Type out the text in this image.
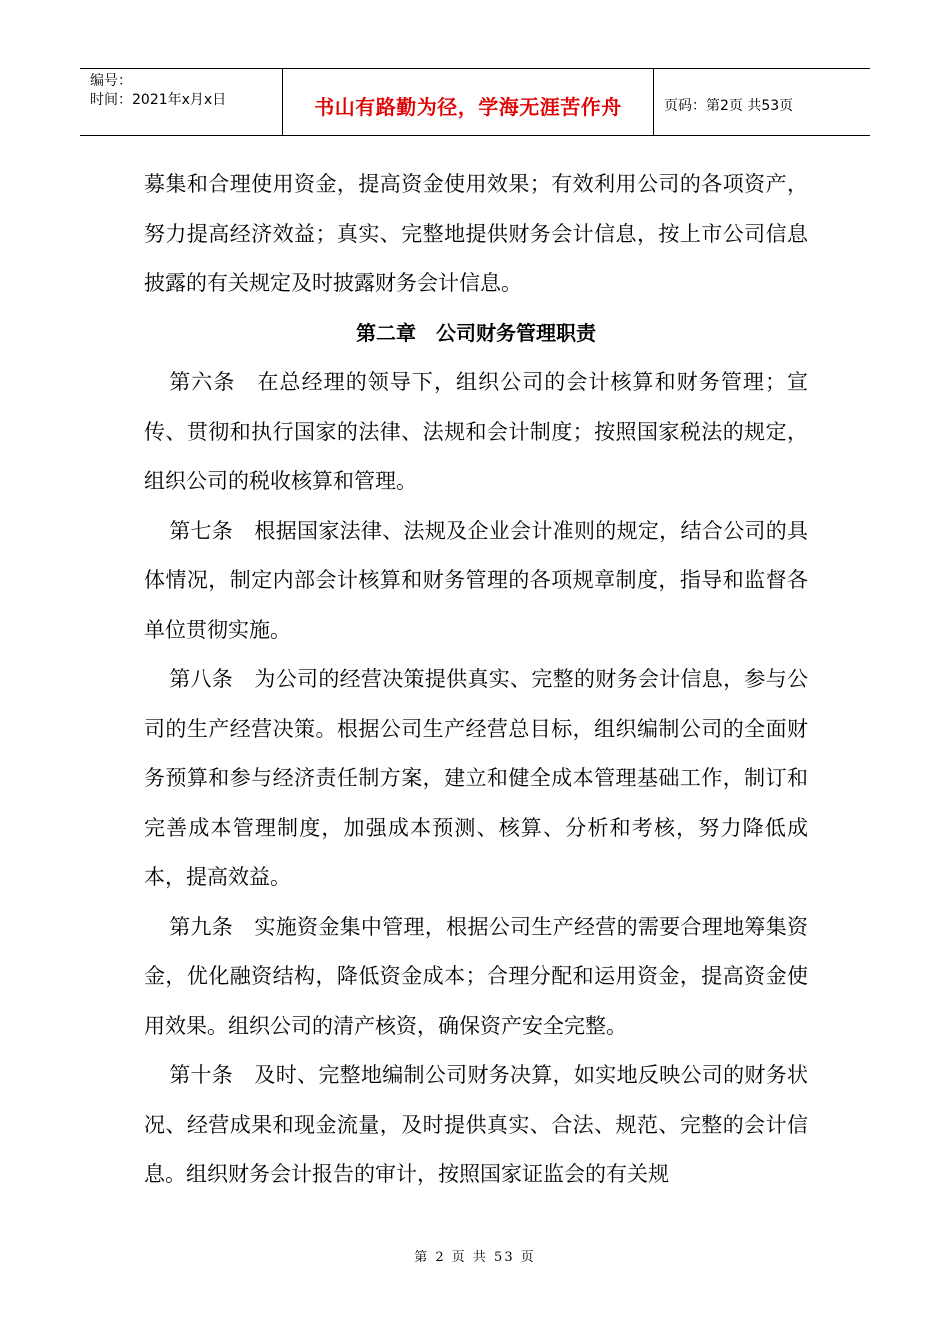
编号：
时间：2021年x月x日	书山有路勤为径，学海无涯苦作舟	页码：第2页 共53页

募集和合理使用资金，提高资金使用效果；有效利用公司的各项资产，努力提高经济效益；真实、完整地提供财务会计信息，按上市公司信息披露的有关规定及时披露财务会计信息。

第二章　公司财务管理职责

第六条 在总经理的领导下，组织公司的会计核算和财务管理；宣传、贯彻和执行国家的法律、法规和会计制度；按照国家税法的规定，组织公司的税收核算和管理。

第七条 根据国家法律、法规及企业会计准则的规定，结合公司的具体情况，制定内部会计核算和财务管理的各项规章制度，指导和监督各单位贯彻实施。

第八条 为公司的经营决策提供真实、完整的财务会计信息，参与公司的生产经营决策。根据公司生产经营总目标，组织编制公司的全面财务预算和参与经济责任制方案，建立和健全成本管理基础工作，制订和完善成本管理制度，加强成本预测、核算、分析和考核，努力降低成本，提高效益。

第九条 实施资金集中管理，根据公司生产经营的需要合理地筹集资金，优化融资结构，降低资金成本；合理分配和运用资金，提高资金使用效果。组织公司的清产核资，确保资产安全完整。

第十条 及时、完整地编制公司财务决算，如实地反映公司的财务状况、经营成果和现金流量，及时提供真实、合法、规范、完整的会计信息。组织财务会计报告的审计，按照国家证监会的有关规

第 2 页 共 53 页
